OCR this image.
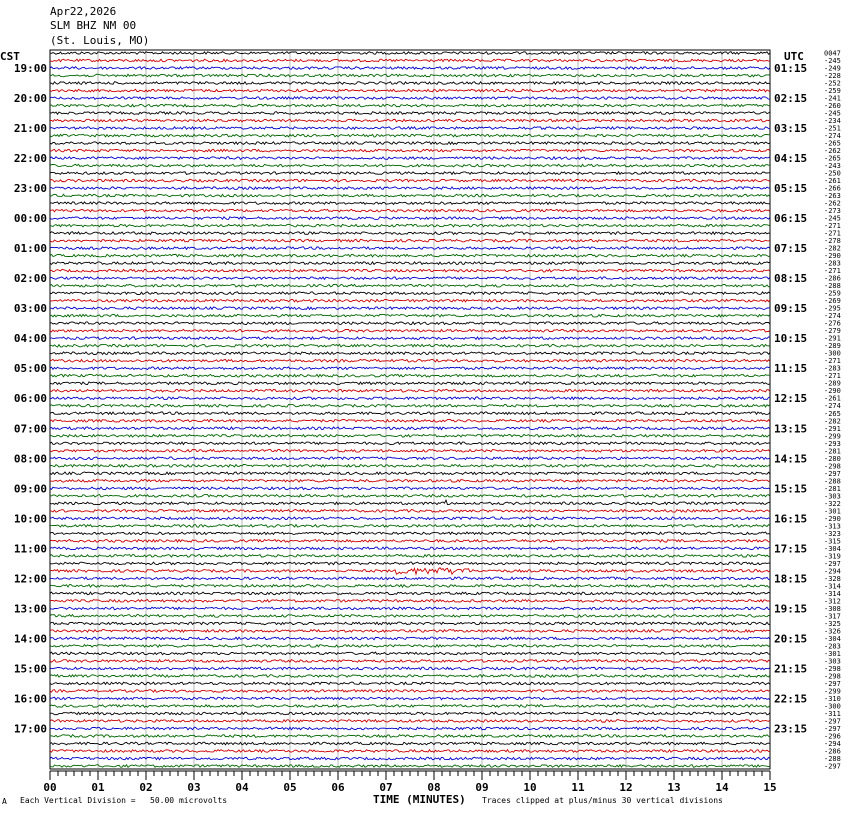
Apr22,2026
SLM BHZ NM 00
(St. Louis, MO)
CST	UTC	0047
-245
-249
-228
-252
-259
-241
-260
-245
-234
-251
-274
-265
-262
-265
-243
-250
-261
-266
-263
-262
-273
-245
-271
-271
-278
-282
-290
-283
-271
-286
-288
-259
-269
-295
-274
-276
-279
-291
-289
-300
-271
-283
-271
-289
-290
-261
-274
-265
-282
-291
-299
-293
-281
-280
-298
-297
-288
-281
-303
-322
-301
-290
-313
-323
-315
-304
-319
-297
-294
-328
-314
-314
-312
-308
-317
-325
-326
-304
-283
-301
-303
-298
-298
-297
-299
-310
-300
-311
-297
-297
-296
-294
-286
-288
-297
19:00	01:15
20:00	02:15
21:00	03:15
22:00	04:15
23:00	05:15
00:00	06:15
01:00	07:15
02:00	08:15
03:00	09:15
04:00	10:15
05:00	11:15
06:00	12:15
07:00	13:15
08:00	14:15
09:00	15:15
10:00	16:15
11:00	17:15
12:00	18:15
13:00	19:15
14:00	20:15
15:00	21:15
16:00	22:15
17:00	23:15
00	01	02	03	04	05	06	07	08	09	10	11	12	13	14	15
TIME (MINUTES)
A Each Vertical Division =   50.00 microvolts	Traces clipped at plus/minus 30 vertical divisions
